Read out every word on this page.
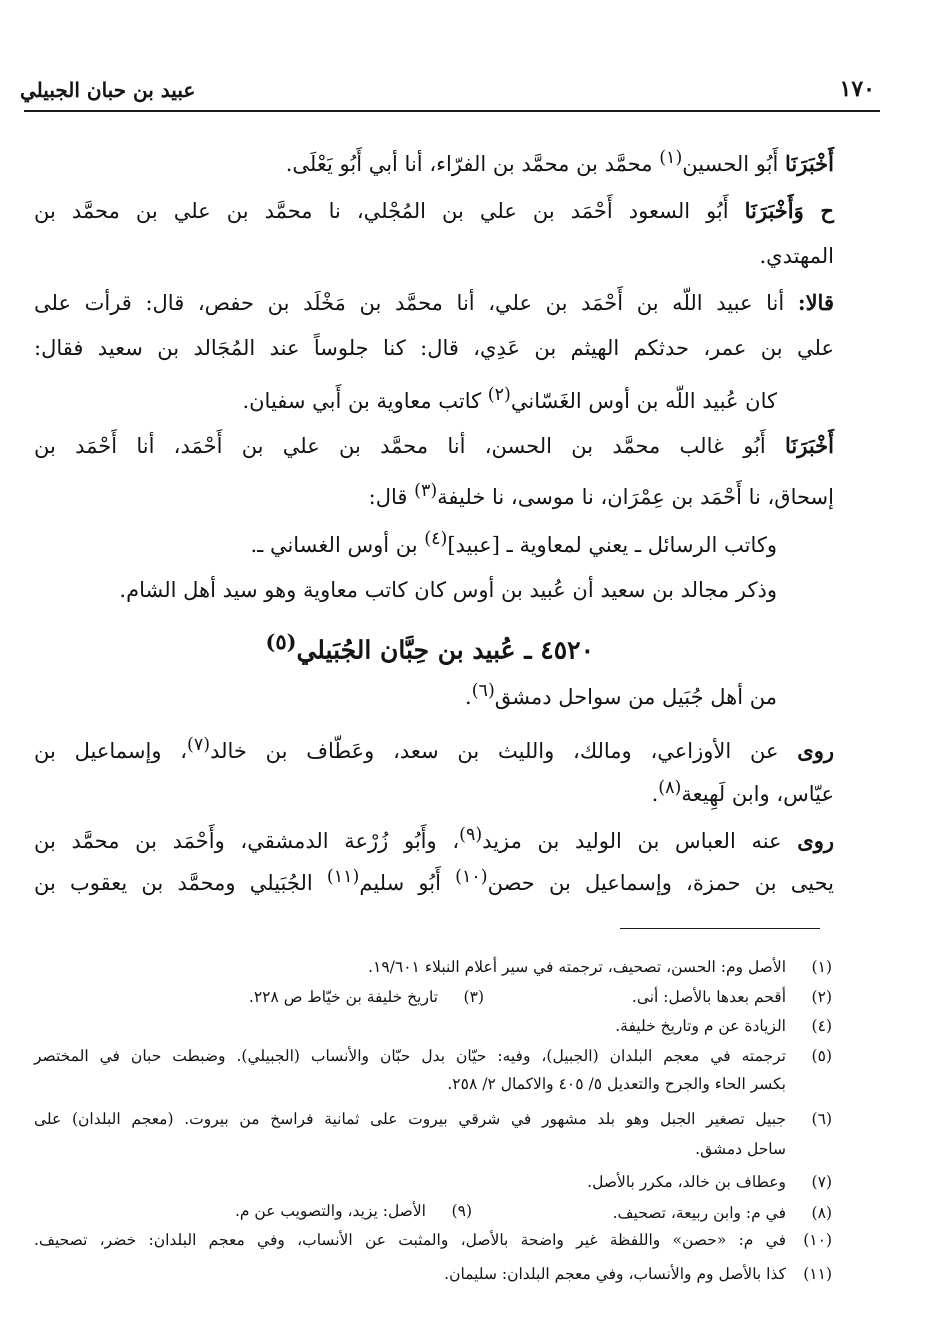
١٧٠
عبيد بن حبان الجبيلي
أَخْبَرَنَا أَبُو الحسين$^{(١)}$ محمَّد بن محمَّد بن الفرّاء، أنا أبي أَبُو يَعْلَى.
ح وَأَخْبَرَنَا أَبُو السعود أَحْمَد بن علي بن المُجْلي، نا محمَّد بن علي بن محمَّد بن
المهتدي.
قالا: أنا عبيد اللّه بن أَحْمَد بن علي، أنا محمَّد بن مَخْلَد بن حفص، قال: قرأت على
علي بن عمر، حدثكم الهيثم بن عَدِي، قال: كنا جلوساً عند المُجَالد بن سعيد فقال:
كان عُبيد اللّه بن أوس الغَسّاني$^{(٢)}$ كاتب معاوية بن أَبي سفيان.
أَخْبَرَنَا أَبُو غالب محمَّد بن الحسن، أنا محمَّد بن علي بن أَحْمَد، أنا أَحْمَد بن
إسحاق، نا أَحْمَد بن عِمْرَان، نا موسى، نا خليفة$^{(٣)}$ قال:
وكاتب الرسائل ـ يعني لمعاوية ـ [عبيد]$^{(٤)}$ بن أوس الغساني ـ.
وذكر مجالد بن سعيد أن عُبيد بن أوس كان كاتب معاوية وهو سيد أهل الشام.
٤٥٢٠ ـ عُبيد بن حِبَّان الجُبَيلي$^{(٥)}$
من أهل جُبَيل من سواحل دمشق$^{(٦)}$.
روى عن الأوزاعي، ومالك، والليث بن سعد، وعَطّاف بن خالد$^{(٧)}$، وإسماعيل بن
عيّاس، وابن لَهِيعة$^{(٨)}$.
روى عنه العباس بن الوليد بن مزيد$^{(٩)}$، وأَبُو زُرْعة الدمشقي، وأَحْمَد بن محمَّد بن
يحيى بن حمزة، وإسماعيل بن حصن$^{(١٠)}$ أَبُو سليم$^{(١١)}$ الجُبَيلي ومحمَّد بن يعقوب بن
(١)الأصل وم: الحسن، تصحيف، ترجمته في سير أعلام النبلاء ١٩/٦٠١.
(٣)تاريخ خليفة بن خيّاط ص ٢٢٨.	(٢)أقحم بعدها بالأصل: أنى.
(٤)الزيادة عن م وتاريخ خليفة.
(٥)ترجمته في معجم البلدان (الجبيل)، وفيه: حيّان بدل حبّان والأنساب (الجبيلي). وضبطت حبان في المختصر
بكسر الحاء والجرح والتعديل ٥/ ٤٠٥ والاكمال ٢/ ٢٥٨.
(٦)جبيل تصغير الجبل وهو بلد مشهور في شرقي بيروت على ثمانية فراسخ من بيروت. (معجم البلدان) على
ساحل دمشق.
(٧)وعطاف بن خالد، مكرر بالأصل.
(٩)الأصل: يزيد، والتصويب عن م.	(٨)في م: وابن ربيعة، تصحيف.
(١٠)في م: «حصن» واللفظة غير واضحة بالأصل، والمثبت عن الأنساب، وفي معجم البلدان: خضر، تصحيف.
(١١)كذا بالأصل وم والأنساب، وفي معجم البلدان: سليمان.
